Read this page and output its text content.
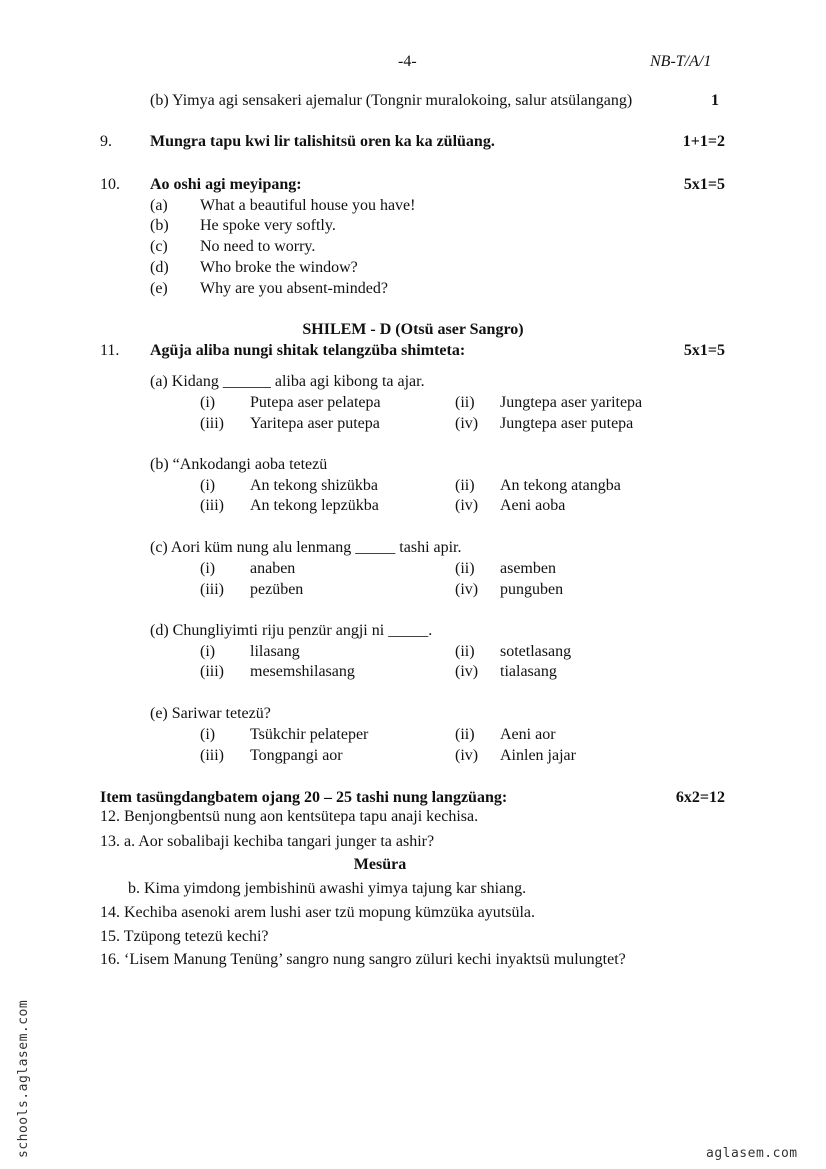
-4-	NB-T/A/1
(b) Yimya agi sensakeri ajemalur (Tongnir muralokoing, salur atsülangang)	1
9. Mungra tapu kwi lir talishitsü oren ka ka zülüang.	1+1=2
10. Ao oshi agi meyipang:	5x1=5
(a) What a beautiful house you have!
(b) He spoke very softly.
(c) No need to worry.
(d) Who broke the window?
(e) Why are you absent-minded?
SHILEM - D (Otsü aser Sangro)
11. Agüja aliba nungi shitak telangzüba shimteta:	5x1=5
(a) Kidang ______ aliba agi kibong ta ajar.
(i) Putepa aser pelatepa	(ii) Jungtepa aser yaritepa
(iii) Yaritepa aser putepa	(iv) Jungtepa aser putepa
(b) “Ankodangi aoba tetezü
(i) An tekong shizükba	(ii) An tekong atangba
(iii) An tekong lepzükba	(iv) Aeni aoba
(c) Aori küm nung alu lenmang _____ tashi apir.
(i) anaben	(ii) asemben
(iii) pezüben	(iv) punguben
(d) Chungliyimti riju penzür angji ni _____.
(i) lilasang	(ii) sotetlasang
(iii) mesemshilasang	(iv) tialasang
(e) Sariwar tetezü?
(i) Tsükchir pelateper	(ii) Aeni aor
(iii) Tongpangi aor	(iv) Ainlen jajar
Item tasüngdangbatem ojang 20 – 25 tashi nung langzüang:	6x2=12
12. Benjongbentsü nung aon kentsütepa tapu anaji kechisa.
13. a. Aor sobalibaji kechiba tangari junger ta ashir?
Mesüra
b. Kima yimdong jembishinü awashi yimya tajung kar shiang.
14. Kechiba asenoki arem lushi aser tzü mopung kümzüka ayutsüla.
15. Tzüpong tetezü kechi?
16. ‘Lisem Manung Tenüng’ sangro nung sangro züluri kechi inyaktsü mulungtet?
schools.aglasem.com	aglasem.com
